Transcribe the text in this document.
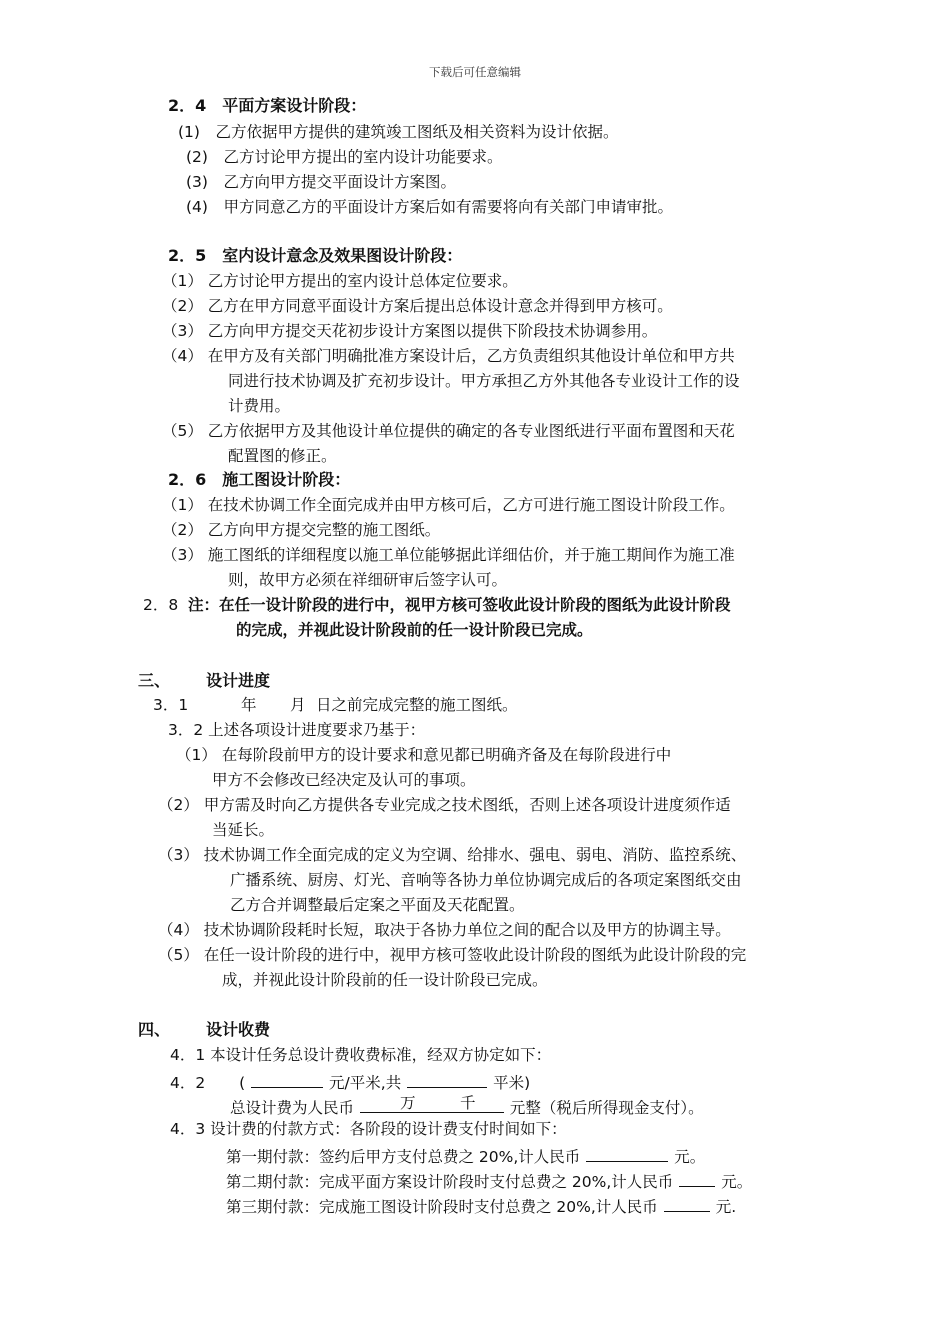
下载后可任意编辑
2．4　平面方案设计阶段：
(1)　乙方依据甲方提供的建筑竣工图纸及相关资料为设计依据。
(2)　乙方讨论甲方提出的室内设计功能要求。
(3)　乙方向甲方提交平面设计方案图。
(4)　甲方同意乙方的平面设计方案后如有需要将向有关部门申请审批。
2．5　室内设计意念及效果图设计阶段：
（1） 乙方讨论甲方提出的室内设计总体定位要求。
（2） 乙方在甲方同意平面设计方案后提出总体设计意念并得到甲方核可。
（3） 乙方向甲方提交天花初步设计方案图以提供下阶段技术协调参用。
（4） 在甲方及有关部门明确批准方案设计后，乙方负责组织其他设计单位和甲方共
同进行技术协调及扩充初步设计。甲方承担乙方外其他各专业设计工作的设
计费用。
（5） 乙方依据甲方及其他设计单位提供的确定的各专业图纸进行平面布置图和天花
配置图的修正。
2．6　施工图设计阶段：
（1） 在技术协调工作全面完成并由甲方核可后，乙方可进行施工图设计阶段工作。
（2） 乙方向甲方提交完整的施工图纸。
（3） 施工图纸的详细程度以施工单位能够据此详细估价，并于施工期间作为施工准
则，故甲方必须在祥细研审后签字认可。
2．8 注：在任一设计阶段的进行中，视甲方核可签收此设计阶段的图纸为此设计阶段
的完成，并视此设计阶段前的任一设计阶段已完成。
三、 设计进度
3．1	年 月 日之前完成完整的施工图纸。
3．2 上述各项设计进度要求乃基于：
（1） 在每阶段前甲方的设计要求和意见都已明确齐备及在每阶段进行中
甲方不会修改已经决定及认可的事项。
（2） 甲方需及时向乙方提供各专业完成之技术图纸，否则上述各项设计进度须作适
当延长。
（3） 技术协调工作全面完成的定义为空调、给排水、强电、弱电、消防、监控系统、
广播系统、厨房、灯光、音响等各协力单位协调完成后的各项定案图纸交由
乙方合并调整最后定案之平面及天花配置。
（4） 技术协调阶段耗时长短，取决于各协力单位之间的配合以及甲方的协调主导。
（5） 在任一设计阶段的进行中，视甲方核可签收此设计阶段的图纸为此设计阶段的完
成，并视此设计阶段前的任一设计阶段已完成。
四、 设计收费
4．1 本设计任务总设计费收费标准，经双方协定如下：
4．2 (	元/平米,共	平米)
总设计费为人民币	万	千 元整（税后所得现金支付）。
4．3 设计费的付款方式：各阶段的设计费支付时间如下：
第一期付款：签约后甲方支付总费之 20%,计人民币	元。
第二期付款：完成平面方案设计阶段时支付总费之 20%,计人民币	元。
第三期付款：完成施工图设计阶段时支付总费之 20%,计人民币	元.
